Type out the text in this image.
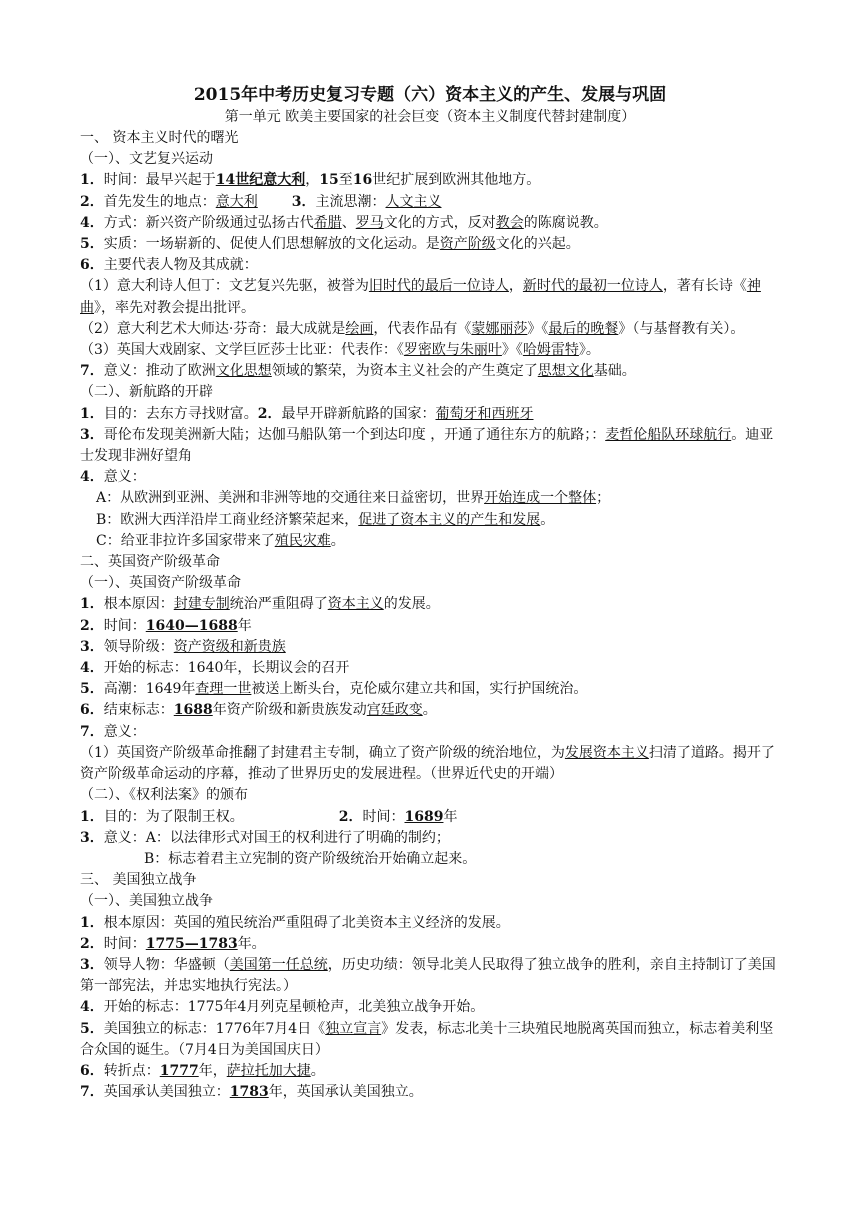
2015年中考历史复习专题（六）资本主义的产生、发展与巩固
第一单元 欧美主要国家的社会巨变（资本主义制度代替封建制度）
一、 资本主义时代的曙光
（一）、文艺复兴运动
1．时间：最早兴起于14世纪意大利，15至16世纪扩展到欧洲其他地方。
2．首先发生的地点：意大利 3．主流思潮：人文主义
4．方式：新兴资产阶级通过弘扬古代希腊、罗马文化的方式，反对教会的陈腐说教。
5．实质：一场崭新的、促使人们思想解放的文化运动。是资产阶级文化的兴起。
6．主要代表人物及其成就：
（1）意大利诗人但丁：文艺复兴先驱，被誉为旧时代的最后一位诗人，新时代的最初一位诗人，著有长诗《神曲》，率先对教会提出批评。
（2）意大利艺术大师达·芬奇：最大成就是绘画，代表作品有《蒙娜丽莎》《最后的晚餐》（与基督教有关）。
（3）英国大戏剧家、文学巨匠莎士比亚：代表作：《罗密欧与朱丽叶》《哈姆雷特》。
7．意义：推动了欧洲文化思想领域的繁荣，为资本主义社会的产生奠定了思想文化基础。
（二）、新航路的开辟
1．目的：去东方寻找财富。2．最早开辟新航路的国家：葡萄牙和西班牙
3．哥伦布发现美洲新大陆；达伽马船队第一个到达印度 ，开通了通往东方的航路；：麦哲伦船队环球航行。迪亚士发现非洲好望角
4．意义：
A：从欧洲到亚洲、美洲和非洲等地的交通往来日益密切，世界开始连成一个整体；
B：欧洲大西洋沿岸工商业经济繁荣起来，促进了资本主义的产生和发展。
C：给亚非拉许多国家带来了殖民灾难。
二、英国资产阶级革命
（一）、英国资产阶级革命
1．根本原因：封建专制统治严重阻碍了资本主义的发展。
2．时间：1640—1688年
3．领导阶级：资产资级和新贵族
4．开始的标志：1640年，长期议会的召开
5．高潮：1649年查理一世被送上断头台，克伦威尔建立共和国，实行护国统治。
6．结束标志：1688年资产阶级和新贵族发动宫廷政变。
7．意义：
（1）英国资产阶级革命推翻了封建君主专制，确立了资产阶级的统治地位，为发展资本主义扫清了道路。揭开了资产阶级革命运动的序幕，推动了世界历史的发展进程。（世界近代史的开端）
（二）、《权利法案》的颁布
1．目的：为了限制王权。	2．时间：1689年
3．意义：A：以法律形式对国王的权利进行了明确的制约；
B：标志着君主立宪制的资产阶级统治开始确立起来。
三、 美国独立战争
（一）、美国独立战争
1．根本原因：英国的殖民统治严重阻碍了北美资本主义经济的发展。
2．时间：1775—1783年。
3．领导人物：华盛顿（美国第一任总统，历史功绩：领导北美人民取得了独立战争的胜利，亲自主持制订了美国第一部宪法，并忠实地执行宪法。）
4．开始的标志：1775年4月列克星顿枪声，北美独立战争开始。
5．美国独立的标志：1776年7月4日《独立宣言》发表，标志北美十三块殖民地脱离英国而独立，标志着美利坚合众国的诞生。（7月4日为美国国庆日）
6．转折点：1777年，萨拉托加大捷。
7．英国承认美国独立：1783年，英国承认美国独立。
